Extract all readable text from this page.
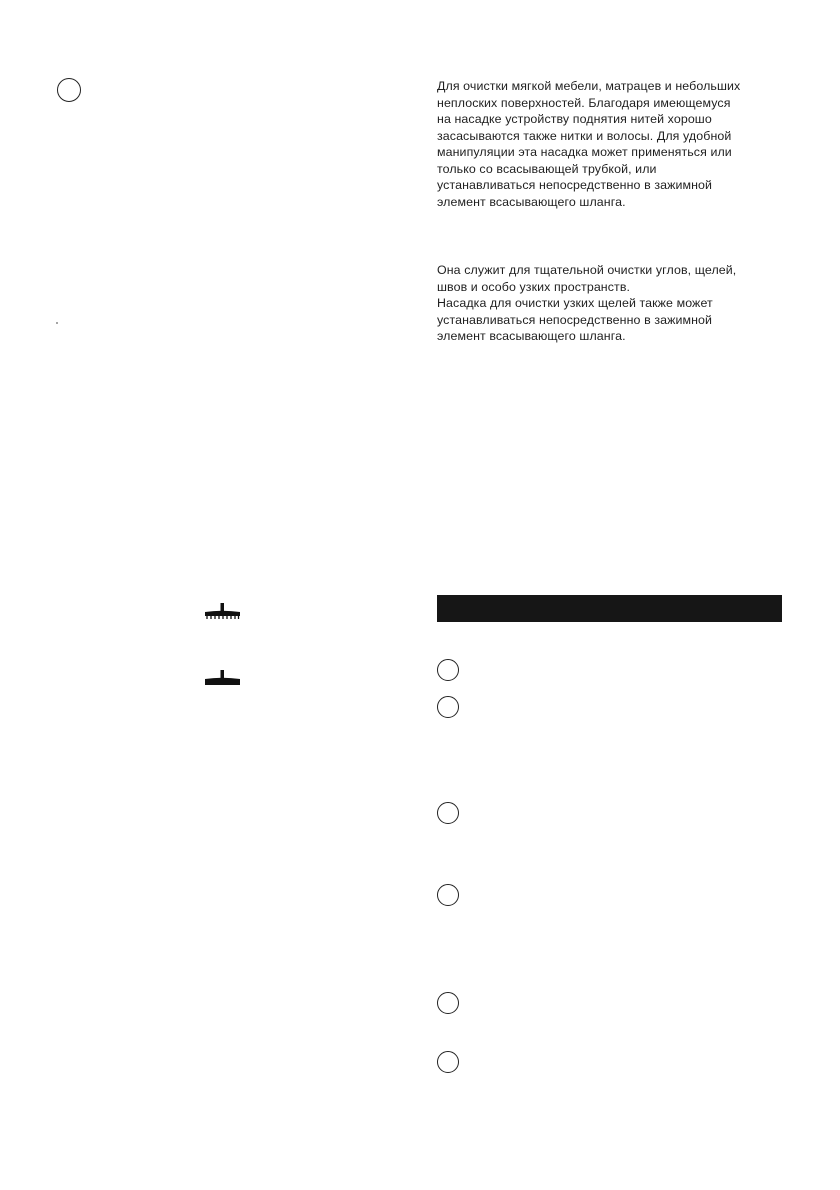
Для очистки мягкой мебели, матрацев и небольших
неплоских поверхностей. Благодаря имеющемуся
на насадке устройству поднятия нитей хорошо
засасываются также нитки и волосы. Для удобной
манипуляции эта насадка может применяться или
только со всасывающей трубкой, или
устанавливаться непосредственно в зажимной
элемент всасывающего шланга.
Она служит для тщательной очистки углов, щелей,
швов и особо узких пространств.
Насадка для очистки узких щелей также может
устанавливаться непосредственно в зажимной
элемент всасывающего шланга.
